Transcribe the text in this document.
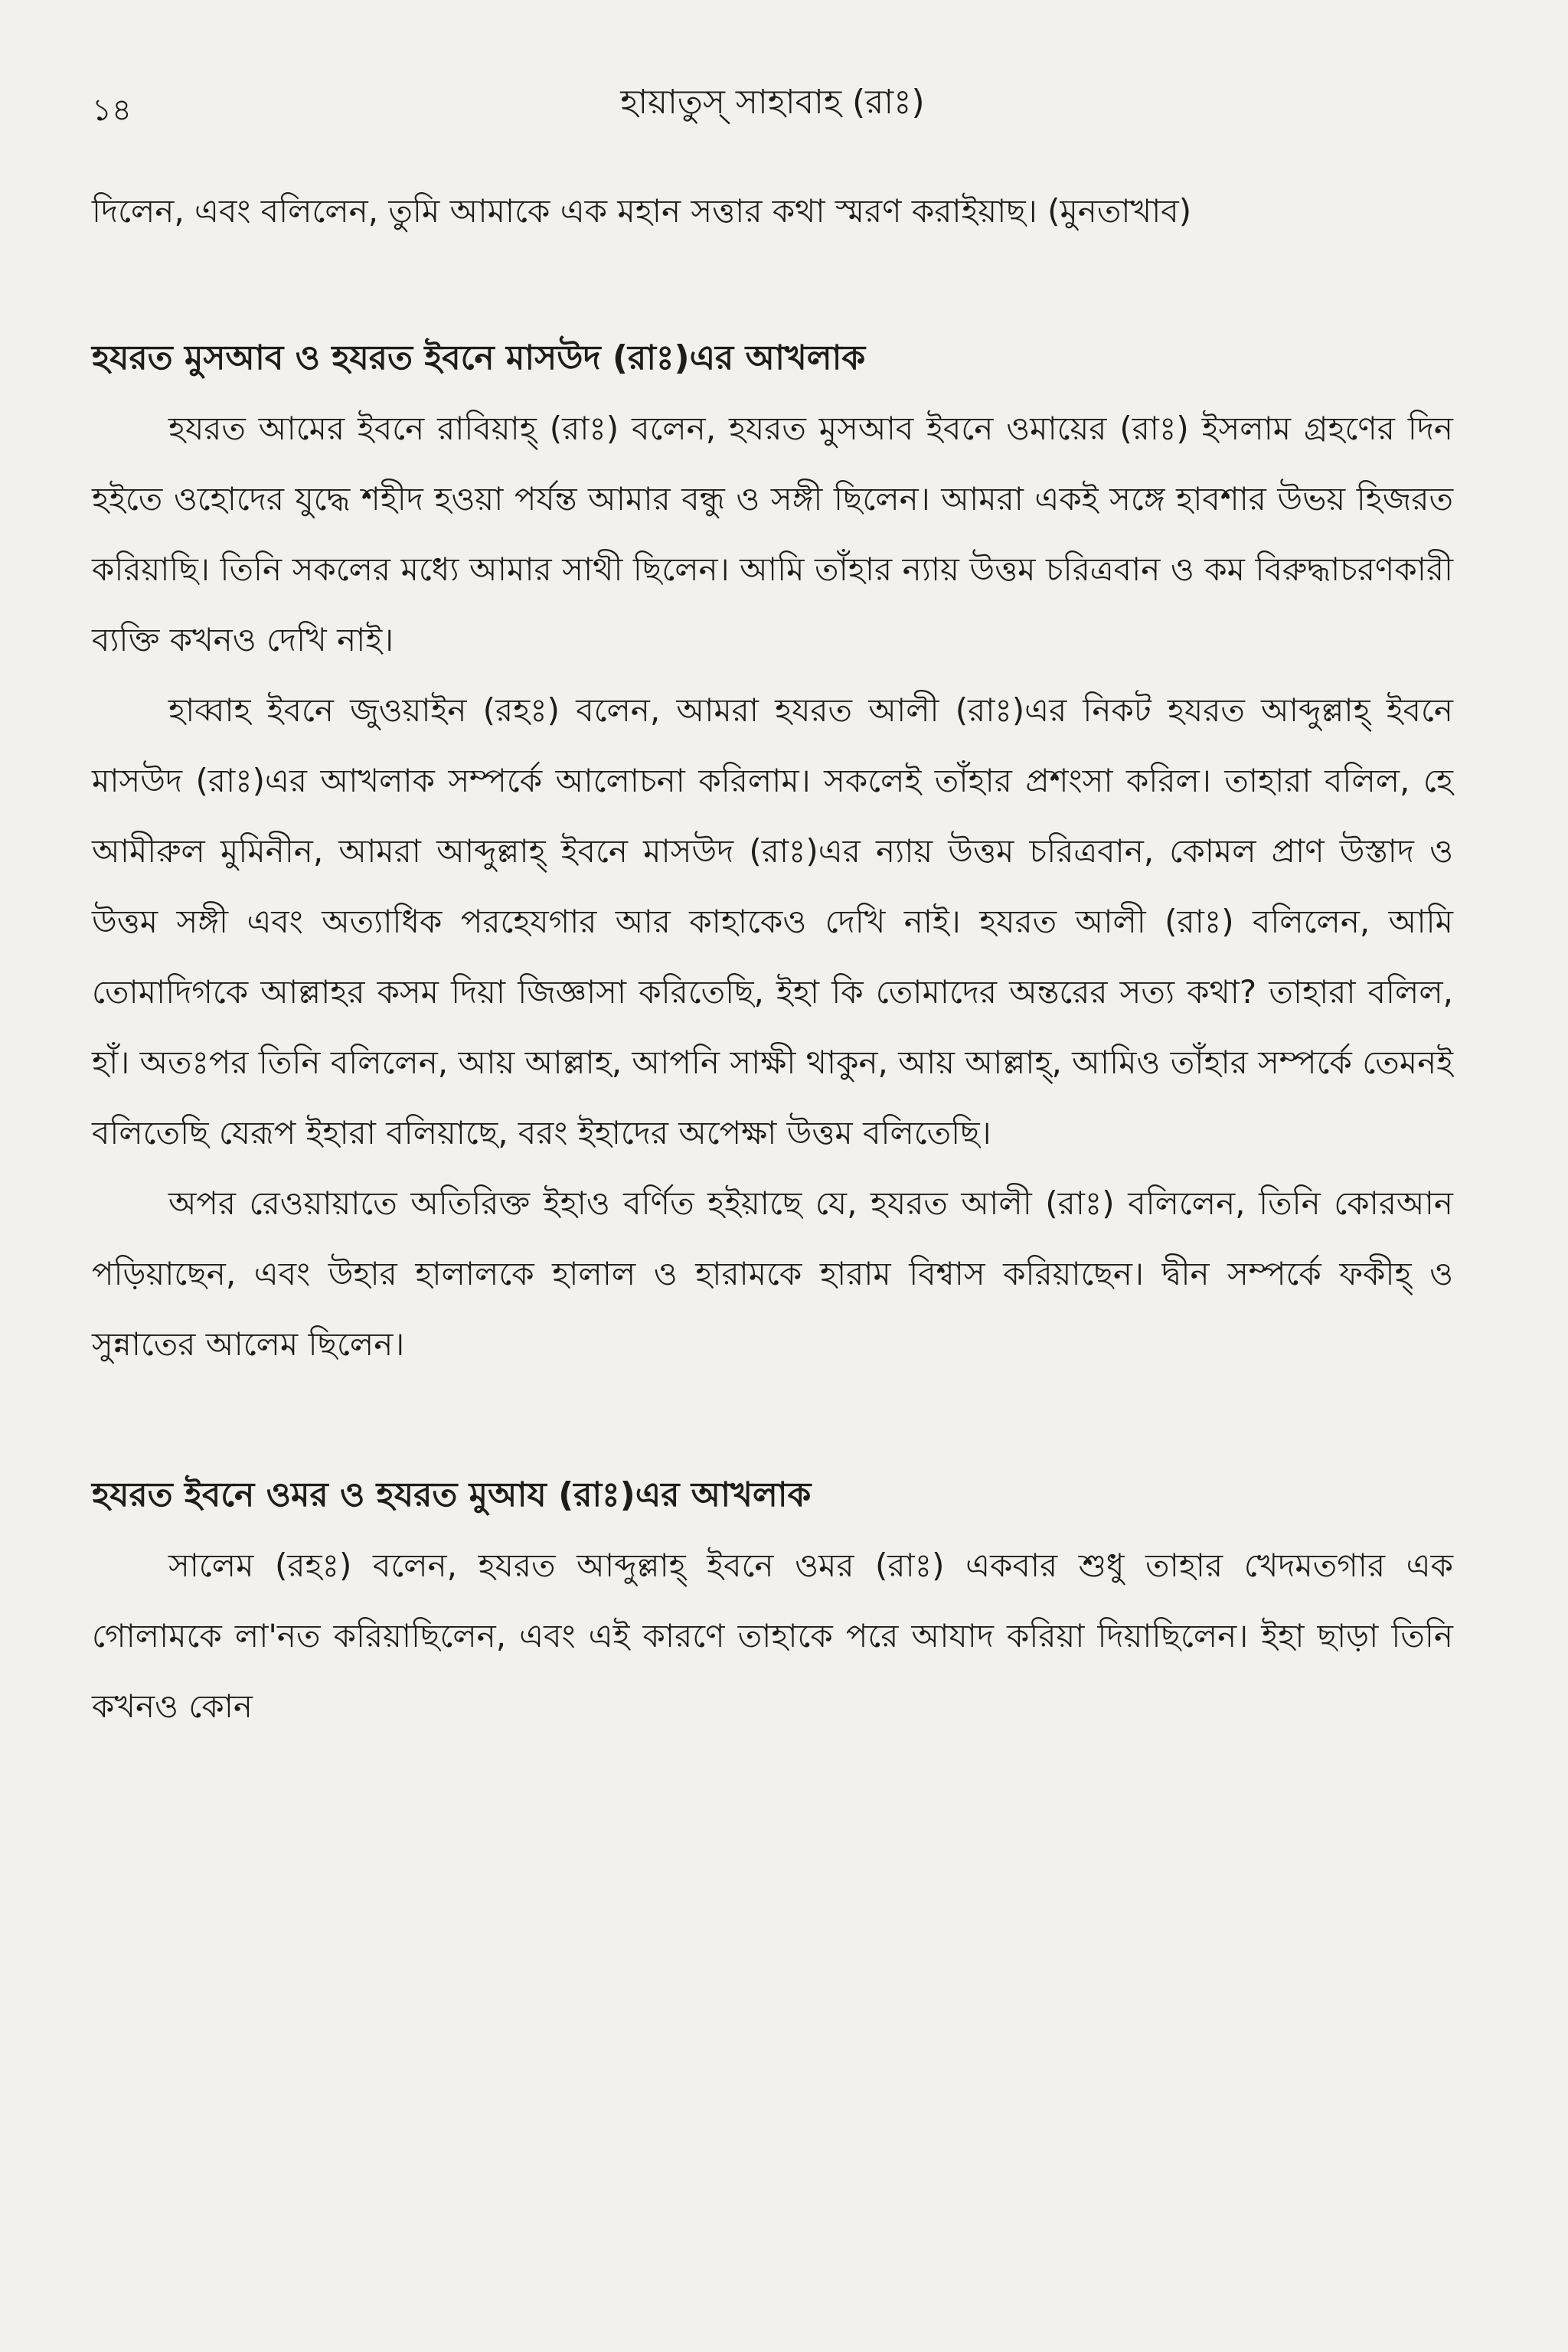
১৪	হায়াতুস্ সাহাবাহ (রাঃ)

দিলেন, এবং বলিলেন, তুমি আমাকে এক মহান সত্তার কথা স্মরণ করাইয়াছ। (মুনতাখাব)

হযরত মুসআব ও হযরত ইবনে মাসউদ (রাঃ)এর আখলাক

হযরত আমের ইবনে রাবিয়াহ্ (রাঃ) বলেন, হযরত মুসআব ইবনে ওমায়ের (রাঃ) ইসলাম গ্রহণের দিন হইতে ওহোদের যুদ্ধে শহীদ হওয়া পর্যন্ত আমার বন্ধু ও সঙ্গী ছিলেন। আমরা একই সঙ্গে হাবশার উভয় হিজরত করিয়াছি। তিনি সকলের মধ্যে আমার সাথী ছিলেন। আমি তাঁহার ন্যায় উত্তম চরিত্রবান ও কম বিরুদ্ধাচরণকারী ব্যক্তি কখনও দেখি নাই।

হাব্বাহ ইবনে জুওয়াইন (রহঃ) বলেন, আমরা হযরত আলী (রাঃ)এর নিকট হযরত আব্দুল্লাহ্ ইবনে মাসউদ (রাঃ)এর আখলাক সম্পর্কে আলোচনা করিলাম। সকলেই তাঁহার প্রশংসা করিল। তাহারা বলিল, হে আমীরুল মুমিনীন, আমরা আব্দুল্লাহ্ ইবনে মাসউদ (রাঃ)এর ন্যায় উত্তম চরিত্রবান, কোমল প্রাণ উস্তাদ ও উত্তম সঙ্গী এবং অত্যাধিক পরহেযগার আর কাহাকেও দেখি নাই। হযরত আলী (রাঃ) বলিলেন, আমি তোমাদিগকে আল্লাহর কসম দিয়া জিজ্ঞাসা করিতেছি, ইহা কি তোমাদের অন্তরের সত্য কথা? তাহারা বলিল, হাঁ। অতঃপর তিনি বলিলেন, আয় আল্লাহ, আপনি সাক্ষী থাকুন, আয় আল্লাহ্, আমিও তাঁহার সম্পর্কে তেমনই বলিতেছি যেরূপ ইহারা বলিয়াছে, বরং ইহাদের অপেক্ষা উত্তম বলিতেছি।

অপর রেওয়ায়াতে অতিরিক্ত ইহাও বর্ণিত হইয়াছে যে, হযরত আলী (রাঃ) বলিলেন, তিনি কোরআন পড়িয়াছেন, এবং উহার হালালকে হালাল ও হারামকে হারাম বিশ্বাস করিয়াছেন। দ্বীন সম্পর্কে ফকীহ্ ও সুন্নাতের আলেম ছিলেন।

হযরত ইবনে ওমর ও হযরত মুআয (রাঃ)এর আখলাক

সালেম (রহঃ) বলেন, হযরত আব্দুল্লাহ্ ইবনে ওমর (রাঃ) একবার শুধু তাহার খেদমতগার এক গোলামকে লা'নত করিয়াছিলেন, এবং এই কারণে তাহাকে পরে আযাদ করিয়া দিয়াছিলেন। ইহা ছাড়া তিনি কখনও কোন
